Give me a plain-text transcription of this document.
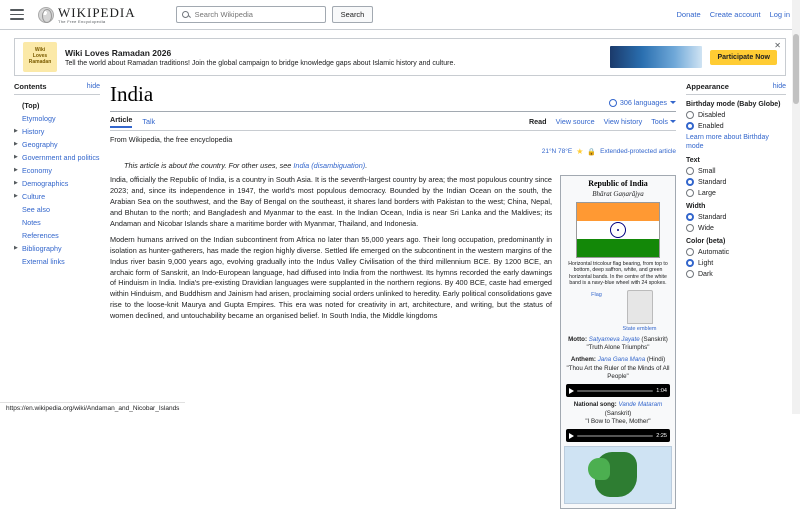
WIKIPEDIA
The Free Encyclopedia
Search Wikipedia
Search	Donate Create account Log in
Wiki
Loves
Ramadan
Wiki Loves Ramadan 2026
Tell the world about Ramadan traditions! Join the global campaign to bridge knowledge gaps about Islamic history and culture.
Participate Now
✕
Contents	hide
(Top)
Etymology
▶ History
▶ Geography
▶ Government and politics
▶ Economy
▶ Demographics
▶ Culture
See also
Notes
References
▶ Bibliography
External links
India	306 languages
Article Talk	Read View source View history Tools
From Wikipedia, the free encyclopedia
21°N 78°E ★ 🔒 Extended-protected article
This article is about the country. For other uses, see India (disambiguation).

India, officially the Republic of India, is a country in South Asia. It is the seventh-largest country by area; the most populous country since 2023; and, since its independence in 1947, the world's most populous democracy. Bounded by the Indian Ocean on the south, the Arabian Sea on the southwest, and the Bay of Bengal on the southeast, it shares land borders with Pakistan to the west; China, Nepal, and Bhutan to the north; and Bangladesh and Myanmar to the east. In the Indian Ocean, India is near Sri Lanka and the Maldives; its Andaman and Nicobar Islands share a maritime border with Myanmar, Thailand, and Indonesia.

Modern humans arrived on the Indian subcontinent from Africa no later than 55,000 years ago. Their long occupation, predominantly in isolation as hunter-gatherers, has made the region highly diverse. Settled life emerged on the subcontinent in the western margins of the Indus river basin 9,000 years ago, evolving gradually into the Indus Valley Civilisation of the third millennium BCE. By 1200 BCE, an archaic form of Sanskrit, an Indo-European language, had diffused into India from the northwest. Its hymns recorded the early dawnings of Hinduism in India. India's pre-existing Dravidian languages were supplanted in the northern regions. By 400 BCE, caste had emerged within Hinduism, and Buddhism and Jainism had arisen, proclaiming social orders unlinked to heredity. Early political consolidations gave rise to the loose-knit Maurya and Gupta Empires. This era was noted for creativity in art, architecture, and writing, but the status of women declined, and untouchability became an organised belief. In South India, the Middle kingdoms

Republic of India
Bhārat Gaṇarājya
Horizontal tricolour flag bearing, from top to bottom, deep saffron, white, and green horizontal bands. In the centre of the white band is a navy-blue wheel with 24 spokes.
Flag
State emblem
Motto: Satyameva Jayate (Sanskrit)
"Truth Alone Triumphs"
Anthem: Jana Gana Mana (Hindi)
"Thou Art the Ruler of the Minds of All People"
1:04
National song: Vande Mataram (Sanskrit)
"I Bow to Thee, Mother"
2:25
Appearance	hide
Birthday mode (Baby Globe)
Disabled
Enabled
Learn more about Birthday mode
Text
Small
Standard
Large
Width
Standard
Wide
Color (beta)
Automatic
Light
Dark
https://en.wikipedia.org/wiki/Andaman_and_Nicobar_Islands
